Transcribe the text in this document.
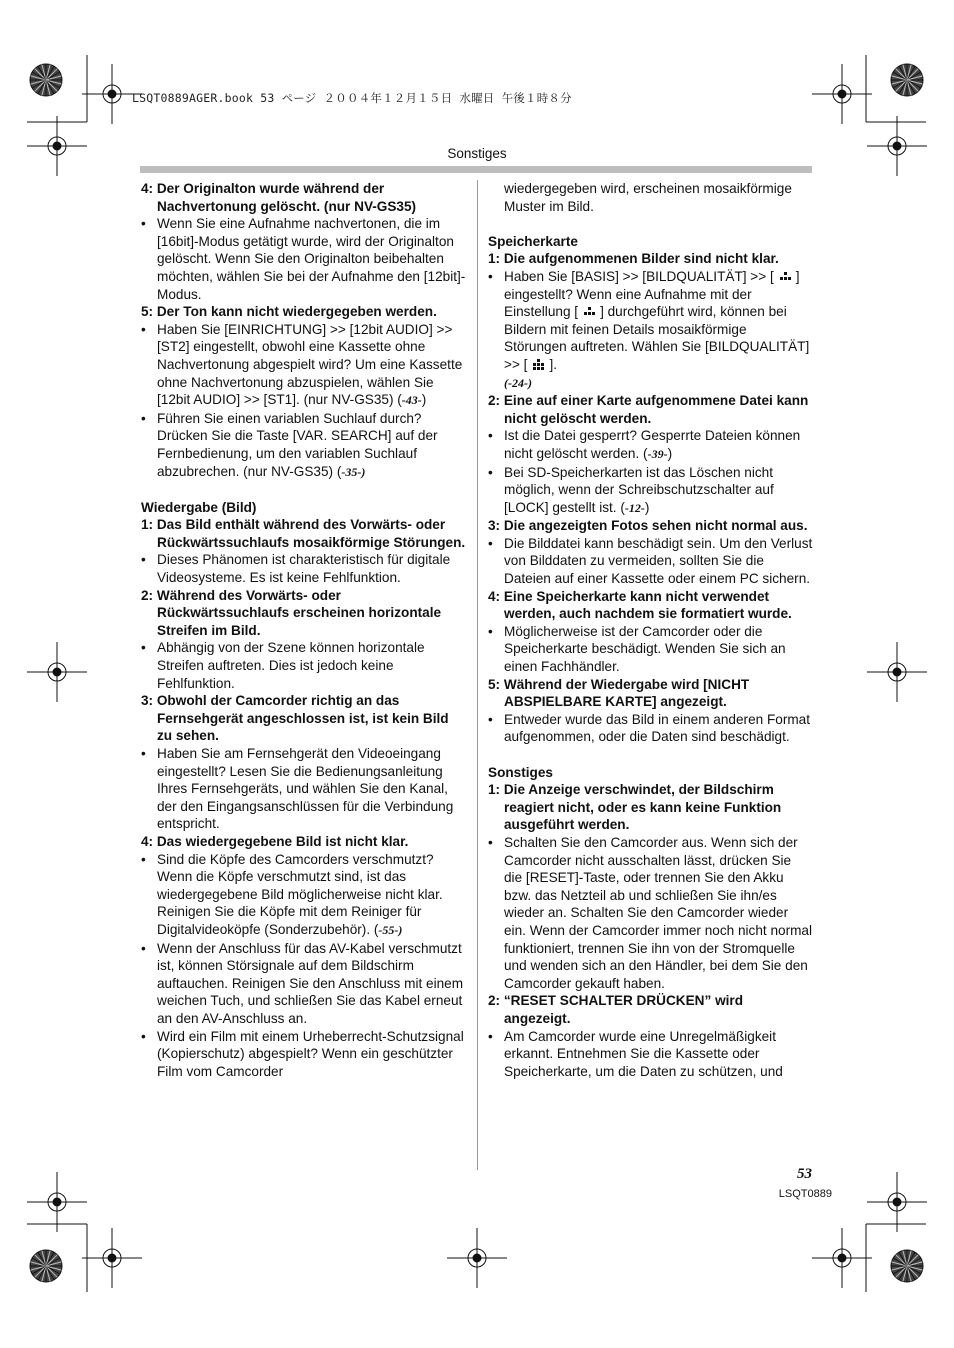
LSQT0889AGER.book 53 ページ ２００４年１２月１５日 水曜日 午後１時８分
Sonstiges

4: Der Originalton wurde während der Nachvertonung gelöscht. (nur NV-GS35)

• Wenn Sie eine Aufnahme nachvertonen, die im [16bit]-Modus getätigt wurde, wird der Originalton gelöscht. Wenn Sie den Originalton beibehalten möchten, wählen Sie bei der Aufnahme den [12bit]-Modus.

5: Der Ton kann nicht wiedergegeben werden.

• Haben Sie [EINRICHTUNG] >> [12bit AUDIO] >> [ST2] eingestellt, obwohl eine Kassette ohne Nachvertonung abgespielt wird? Um eine Kassette ohne Nachvertonung abzuspielen, wählen Sie [12bit AUDIO] >> [ST1]. (nur NV-GS35) (-43-)

• Führen Sie einen variablen Suchlauf durch? Drücken Sie die Taste [VAR. SEARCH] auf der Fernbedienung, um den variablen Suchlauf abzubrechen. (nur NV-GS35) (-35-)

Wiedergabe (Bild)

1: Das Bild enthält während des Vorwärts- oder Rückwärtssuchlaufs mosaikförmige Störungen.

• Dieses Phänomen ist charakteristisch für digitale Videosysteme. Es ist keine Fehlfunktion.

2: Während des Vorwärts- oder Rückwärtssuchlaufs erscheinen horizontale Streifen im Bild.

• Abhängig von der Szene können horizontale Streifen auftreten. Dies ist jedoch keine Fehlfunktion.

3: Obwohl der Camcorder richtig an das Fernsehgerät angeschlossen ist, ist kein Bild zu sehen.

• Haben Sie am Fernsehgerät den Videoeingang eingestellt? Lesen Sie die Bedienungsanleitung Ihres Fernsehgeräts, und wählen Sie den Kanal, der den Eingangsanschlüssen für die Verbindung entspricht.

4: Das wiedergegebene Bild ist nicht klar.

• Sind die Köpfe des Camcorders verschmutzt? Wenn die Köpfe verschmutzt sind, ist das wiedergegebene Bild möglicherweise nicht klar. Reinigen Sie die Köpfe mit dem Reiniger für Digitalvideoköpfe (Sonderzubehör). (-55-)

• Wenn der Anschluss für das AV-Kabel verschmutzt ist, können Störsignale auf dem Bildschirm auftauchen. Reinigen Sie den Anschluss mit einem weichen Tuch, und schließen Sie das Kabel erneut an den AV-Anschluss an.

• Wird ein Film mit einem Urheberrecht-Schutzsignal (Kopierschutz) abgespielt? Wenn ein geschützter Film vom Camcorder

wiedergegeben wird, erscheinen mosaikförmige Muster im Bild.

Speicherkarte

1: Die aufgenommenen Bilder sind nicht klar.

• Haben Sie [BASIS] >> [BILDQUALITÄT] >> [ ] eingestellt? Wenn eine Aufnahme mit der Einstellung [ ] durchgeführt wird, können bei Bildern mit feinen Details mosaikförmige Störungen auftreten. Wählen Sie [BILDQUALITÄT] >> [ ].
(-24-)

2: Eine auf einer Karte aufgenommene Datei kann nicht gelöscht werden.

• Ist die Datei gesperrt? Gesperrte Dateien können nicht gelöscht werden. (-39-)

• Bei SD-Speicherkarten ist das Löschen nicht möglich, wenn der Schreibschutzschalter auf [LOCK] gestellt ist. (-12-)

3: Die angezeigten Fotos sehen nicht normal aus.

• Die Bilddatei kann beschädigt sein. Um den Verlust von Bilddaten zu vermeiden, sollten Sie die Dateien auf einer Kassette oder einem PC sichern.

4: Eine Speicherkarte kann nicht verwendet werden, auch nachdem sie formatiert wurde.

• Möglicherweise ist der Camcorder oder die Speicherkarte beschädigt. Wenden Sie sich an einen Fachhändler.

5: Während der Wiedergabe wird [NICHT ABSPIELBARE KARTE] angezeigt.

• Entweder wurde das Bild in einem anderen Format aufgenommen, oder die Daten sind beschädigt.

Sonstiges

1: Die Anzeige verschwindet, der Bildschirm reagiert nicht, oder es kann keine Funktion ausgeführt werden.

• Schalten Sie den Camcorder aus. Wenn sich der Camcorder nicht ausschalten lässt, drücken Sie die [RESET]-Taste, oder trennen Sie den Akku bzw. das Netzteil ab und schließen Sie ihn/es wieder an. Schalten Sie den Camcorder wieder ein. Wenn der Camcorder immer noch nicht normal funktioniert, trennen Sie ihn von der Stromquelle und wenden sich an den Händler, bei dem Sie den Camcorder gekauft haben.

2: “RESET SCHALTER DRÜCKEN” wird angezeigt.

• Am Camcorder wurde eine Unregelmäßigkeit erkannt. Entnehmen Sie die Kassette oder Speicherkarte, um die Daten zu schützen, und

53
LSQT0889
